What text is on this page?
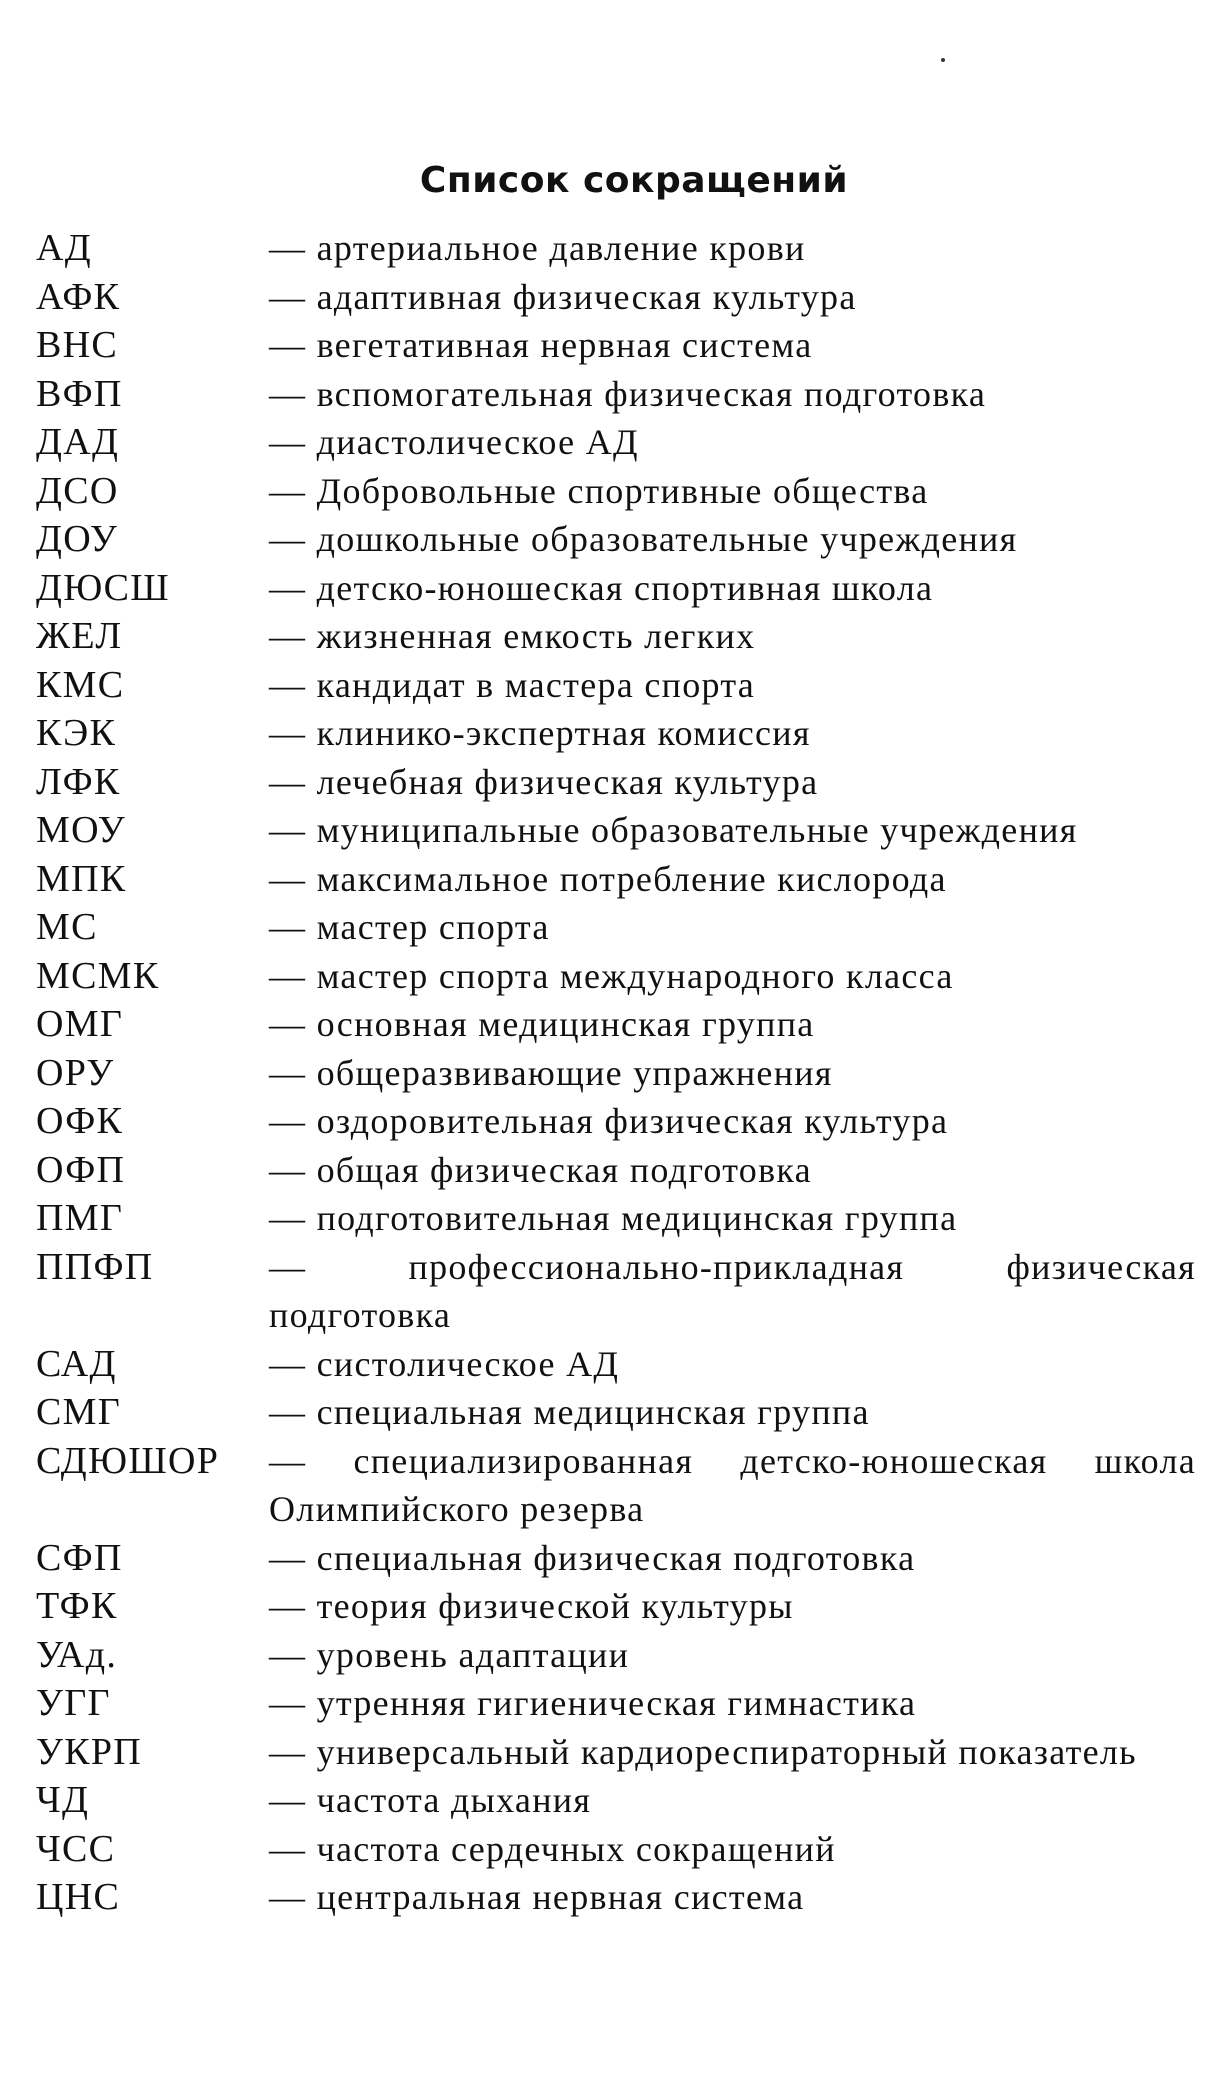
Список сокращений
АД	— артериальное давление крови
АФК	— адаптивная физическая культура
ВНС	— вегетативная нервная система
ВФП	— вспомогательная физическая подготовка
ДАД	— диастолическое АД
ДСО	— Добровольные спортивные общества
ДОУ	— дошкольные образовательные учреждения
ДЮСШ	— детско-юношеская спортивная школа
ЖЕЛ	— жизненная емкость легких
КМС	— кандидат в мастера спорта
КЭК	— клинико-экспертная комиссия
ЛФК	— лечебная физическая культура
МОУ	— муниципальные образовательные учреждения
МПК	— максимальное потребление кислорода
МС	— мастер спорта
МСМК	— мастер спорта международного класса
ОМГ	— основная медицинская группа
ОРУ	— общеразвивающие упражнения
ОФК	— оздоровительная физическая культура
ОФП	— общая физическая подготовка
ПМГ	— подготовительная медицинская группа
ППФП	— профессионально-прикладная физическая подготовка
САД	— систолическое АД
СМГ	— специальная медицинская группа
СДЮШОР — специализированная детско-юношеская школа Олимпийского резерва
СФП	— специальная физическая подготовка
ТФК	— теория физической культуры
УАд.	— уровень адаптации
УГГ	— утренняя гигиеническая гимнастика
УКРП	— универсальный кардиореспираторный показатель
ЧД	— частота дыхания
ЧСС	— частота сердечных сокращений
ЦНС	— центральная нервная система
